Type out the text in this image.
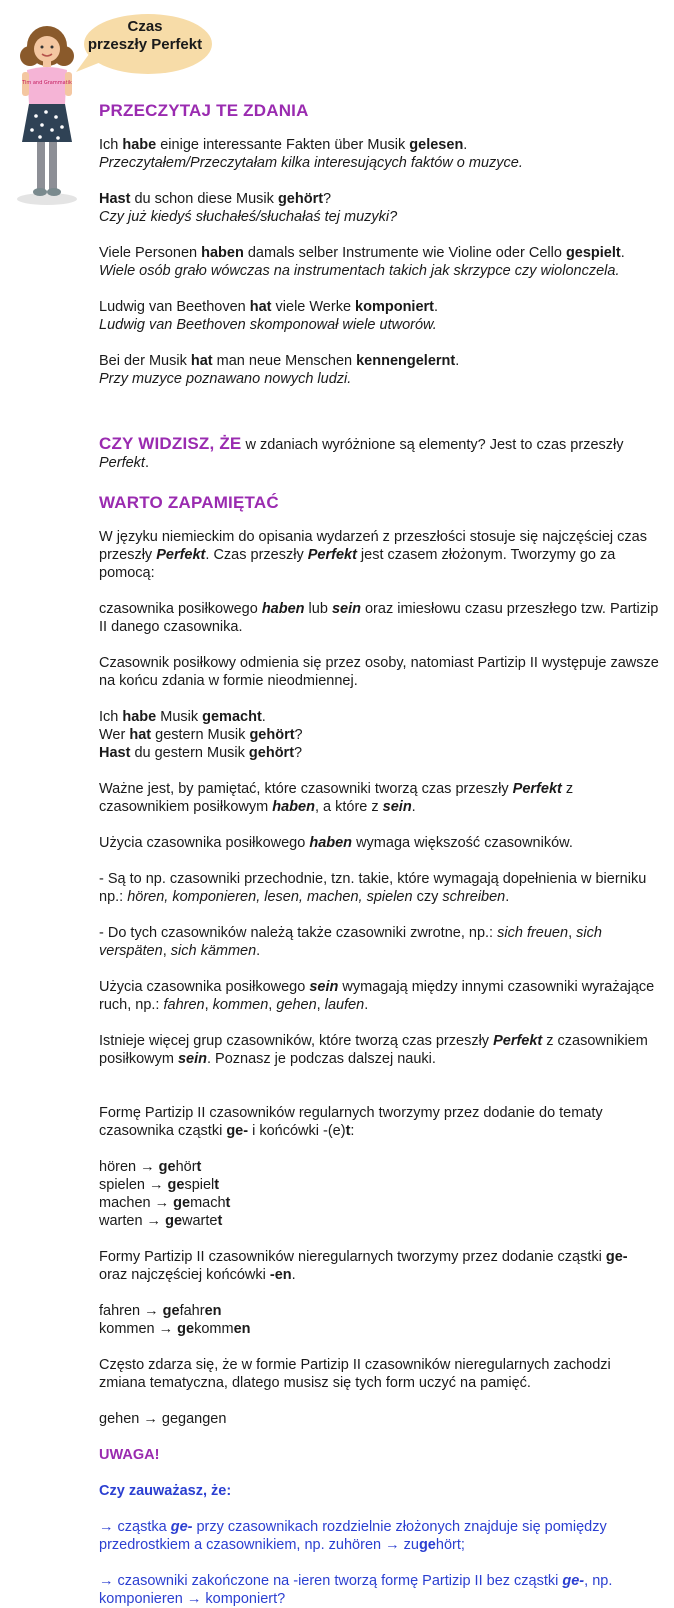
Tim and Grammatik
Czas
przeszły Perfekt
PRZECZYTAJ TE ZDANIA

Ich habe einige interessante Fakten über Musik gelesen.

Przeczytałem/Przeczytałam kilka interesujących faktów o muzyce.

Hast du schon diese Musik gehört?

Czy już kiedyś słuchałeś/słuchałaś tej muzyki?

Viele Personen haben damals selber Instrumente wie Violine oder Cello gespielt.

Wiele osób grało wówczas na instrumentach takich jak skrzypce czy wiolonczela.

Ludwig van Beethoven hat viele Werke komponiert.

Ludwig van Beethoven skomponował wiele utworów.

Bei der Musik hat man neue Menschen kennengelernt.

Przy muzyce poznawano nowych ludzi.

CZY WIDZISZ, ŻE w zdaniach wyróżnione są elementy? Jest to czas przeszły Perfekt.

WARTO ZAPAMIĘTAĆ

W języku niemieckim do opisania wydarzeń z przeszłości stosuje się najczęściej czas przeszły Perfekt. Czas przeszły Perfekt jest czasem złożonym. Tworzymy go za pomocą:

czasownika posiłkowego haben lub sein oraz imiesłowu czasu przeszłego tzw. Partizip II danego czasownika.

Czasownik posiłkowy odmienia się przez osoby, natomiast Partizip II występuje zawsze na końcu zdania w formie nieodmiennej.

Ich habe Musik gemacht.

Wer hat gestern Musik gehört?

Hast du gestern Musik gehört?

Ważne jest, by pamiętać, które czasowniki tworzą czas przeszły Perfekt z czasownikiem posiłkowym haben, a które z sein.

Użycia czasownika posiłkowego haben wymaga większość czasowników.

- Są to np. czasowniki przechodnie, tzn. takie, które wymagają dopełnienia w bierniku np.: hören, komponieren, lesen, machen, spielen czy schreiben.

- Do tych czasowników należą także czasowniki zwrotne, np.: sich freuen, sich verspäten, sich kämmen.

Użycia czasownika posiłkowego sein wymagają między innymi czasowniki wyrażające ruch, np.: fahren, kommen, gehen, laufen.

Istnieje więcej grup czasowników, które tworzą czas przeszły Perfekt z czasownikiem posiłkowym sein. Poznasz je podczas dalszej nauki.

Formę Partizip II czasowników regularnych tworzymy przez dodanie do tematy czasownika cząstki ge- i końcówki -(e)t:

hören → gehört

spielen → gespielt

machen → gemacht

warten → gewartet

Formy Partizip II czasowników nieregularnych tworzymy przez dodanie cząstki ge- oraz najczęściej końcówki -en.

fahren → gefahren

kommen → gekommen

Często zdarza się, że w formie Partizip II czasowników nieregularnych zachodzi zmiana tematyczna, dlatego musisz się tych form uczyć na pamięć.

gehen → gegangen

UWAGA!

Czy zauważasz, że:

→ cząstka ge- przy czasownikach rozdzielnie złożonych znajduje się pomiędzy przedrostkiem a czasownikiem, np. zuhören → zugehört;

→ czasowniki zakończone na -ieren tworzą formę Partizip II bez cząstki ge-, np. komponieren → komponiert?
